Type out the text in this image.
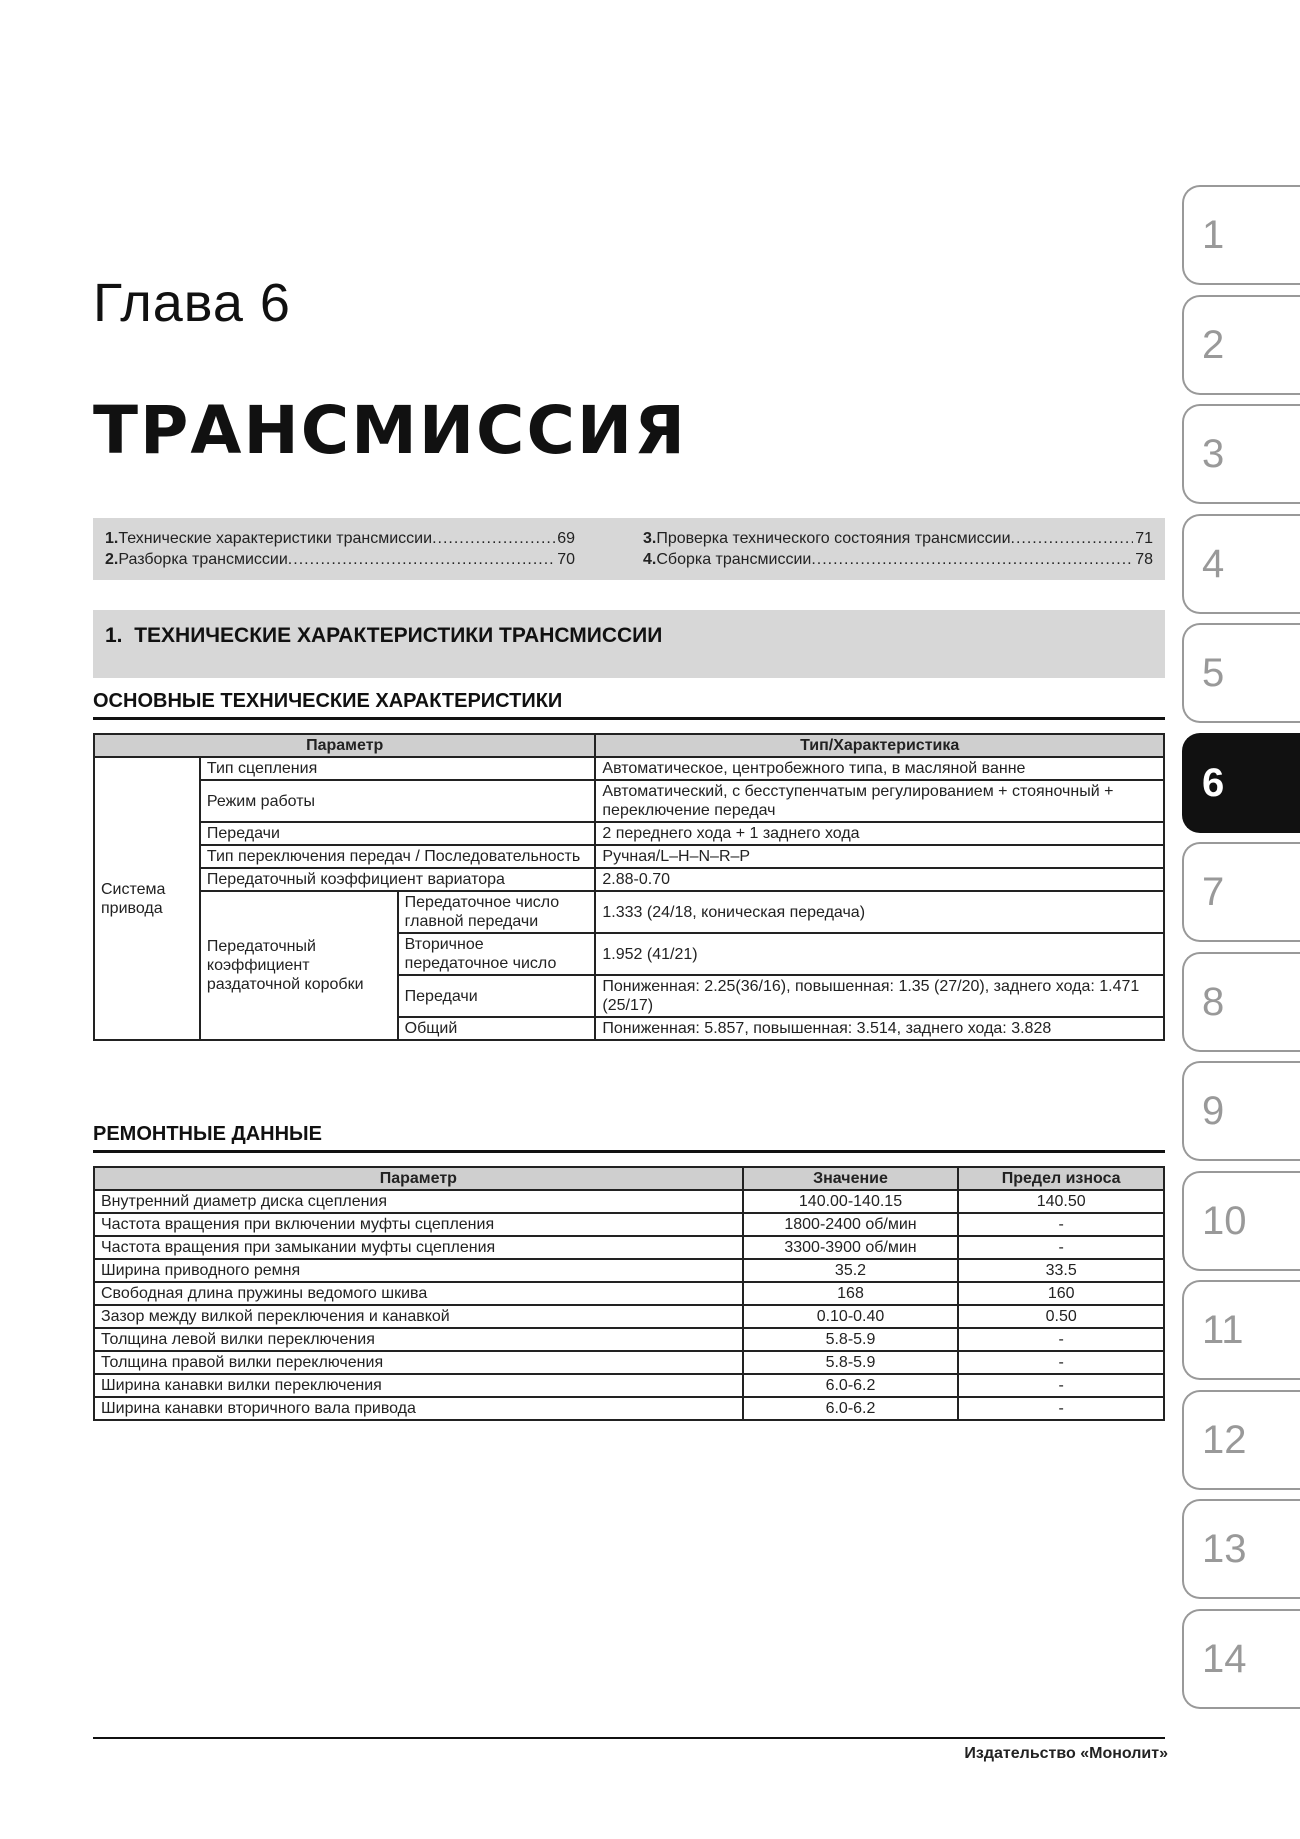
Глава 6
ТРАНСМИССИЯ
1. Технические характеристики трансмиссии .....	69
2. Разборка трансмиссии .....	70
3. Проверка технического состояния трансмиссии .....	71
4. Сборка трансмиссии .....	78
1. ТЕХНИЧЕСКИЕ ХАРАКТЕРИСТИКИ ТРАНСМИССИИ
ОСНОВНЫЕ ТЕХНИЧЕСКИЕ ХАРАКТЕРИСТИКИ
Параметр			Тип/Характеристика
Система привода	Тип сцепления		Автоматическое, центробежного типа, в масляной ванне
	Режим работы		Автоматический, с бесступенчатым регулированием + стояночный + переключение передач
	Передачи		2 переднего хода + 1 заднего хода
	Тип переключения передач / Последовательность		Ручная/L–H–N–R–P
	Передаточный коэффициент вариатора		2.88-0.70
	Передаточный коэффициент раздаточной коробки	Передаточное число главной передачи	1.333 (24/18, коническая передача)
		Вторичное передаточное число	1.952 (41/21)
		Передачи	Пониженная: 2.25(36/16), повышенная: 1.35 (27/20), заднего хода: 1.471 (25/17)
		Общий	Пониженная: 5.857, повышенная: 3.514, заднего хода: 3.828
РЕМОНТНЫЕ ДАННЫЕ
Параметр	Значение	Предел износа
Внутренний диаметр диска сцепления	140.00-140.15	140.50
Частота вращения при включении муфты сцепления	1800-2400 об/мин	-
Частота вращения при замыкании муфты сцепления	3300-3900 об/мин	-
Ширина приводного ремня	35.2	33.5
Свободная длина пружины ведомого шкива	168	160
Зазор между вилкой переключения и канавкой	0.10-0.40	0.50
Толщина левой вилки переключения	5.8-5.9	-
Толщина правой вилки переключения	5.8-5.9	-
Ширина канавки вилки переключения	6.0-6.2	-
Ширина канавки вторичного вала привода	6.0-6.2	-
1
2
3
4
5
6
7
8
9
10
11
12
13
14
Издательство «Монолит»
